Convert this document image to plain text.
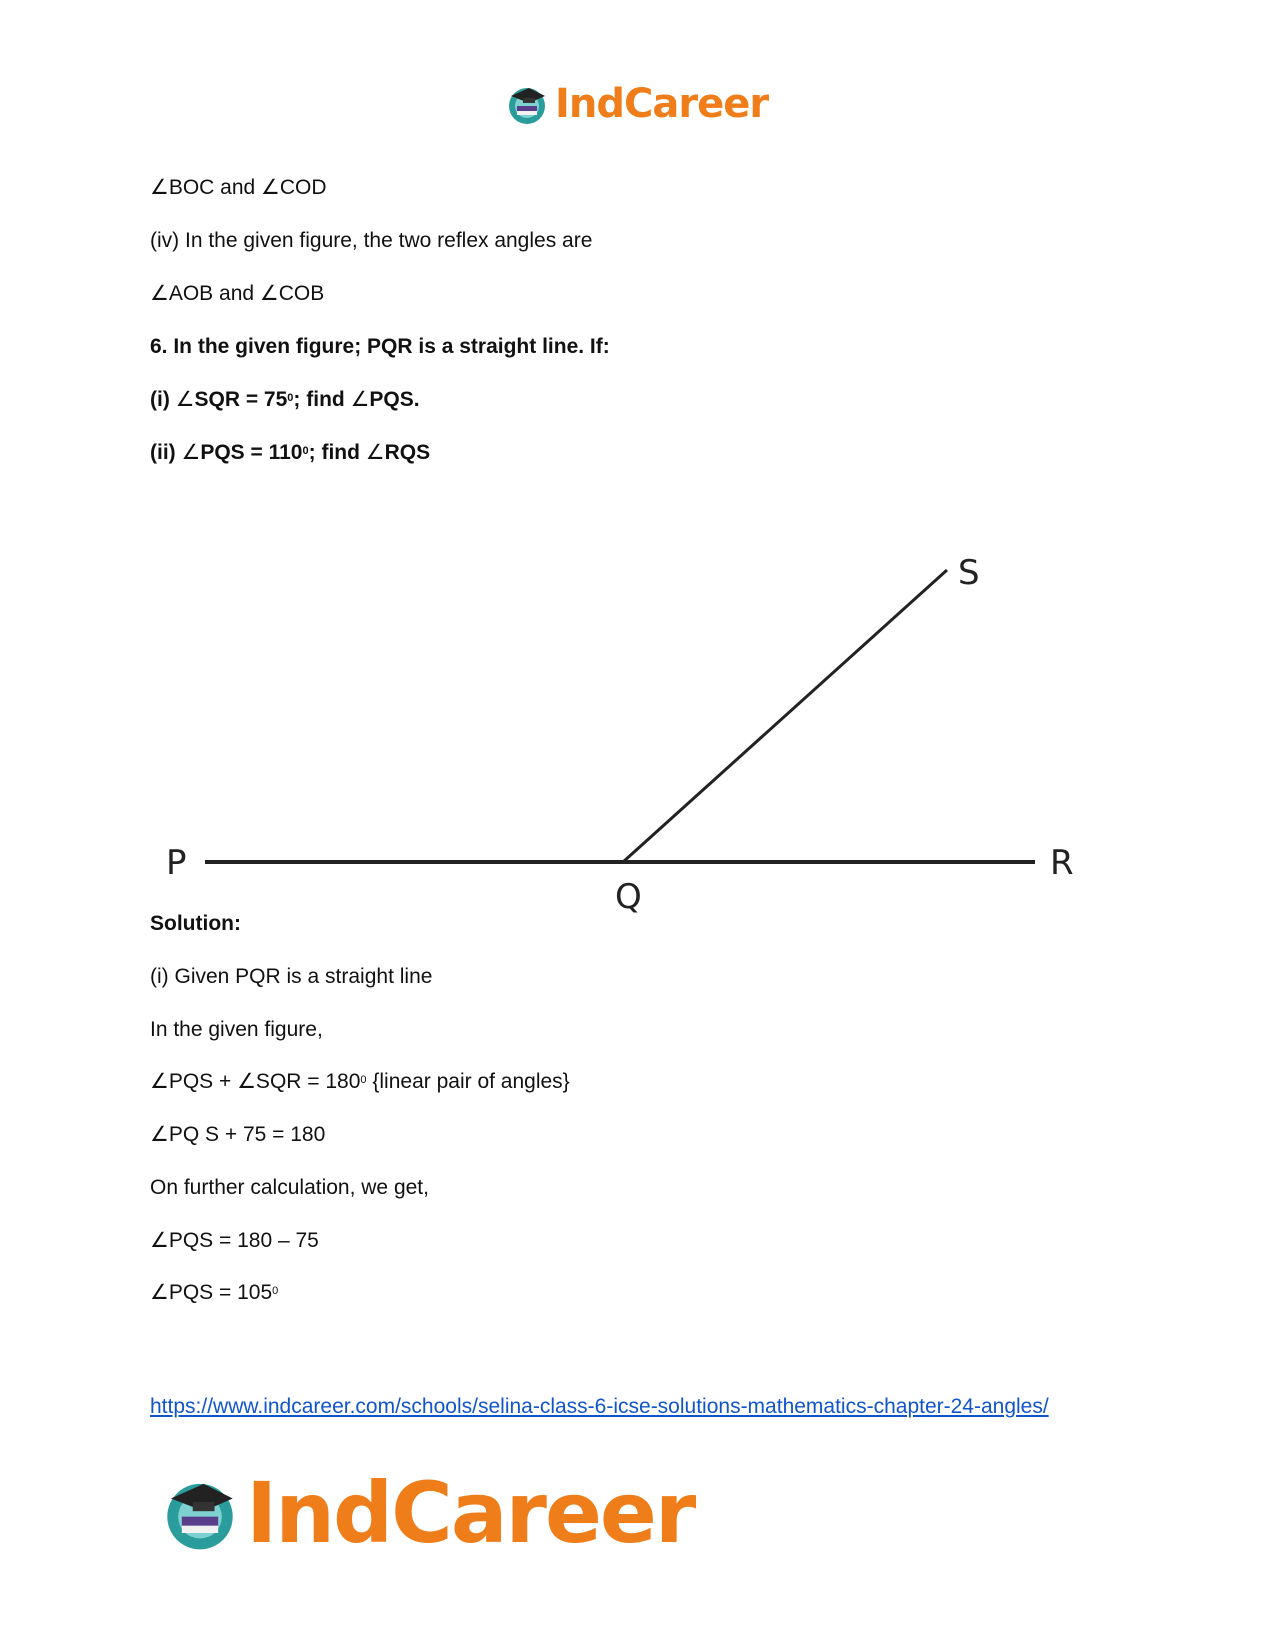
IndCareer
∠BOC and ∠COD
(iv) In the given figure, the two reflex angles are
∠AOB and ∠COB
6. In the given figure; PQR is a straight line. If:
(i) ∠SQR = $75^0$; find ∠PQS.
(ii) ∠PQS = $110^0$; find ∠RQS
P
Q
R
S
Solution:
(i) Given PQR is a straight line
In the given figure,
∠PQS + ∠SQR = $180^0$ {linear pair of angles}
∠PQ S + 75 = 180
On further calculation, we get,
∠PQS = 180 – 75
∠PQS = $105^0$
https://www.indcareer.com/schools/selina-class-6-icse-solutions-mathematics-chapter-24-angles/
IndCareer
